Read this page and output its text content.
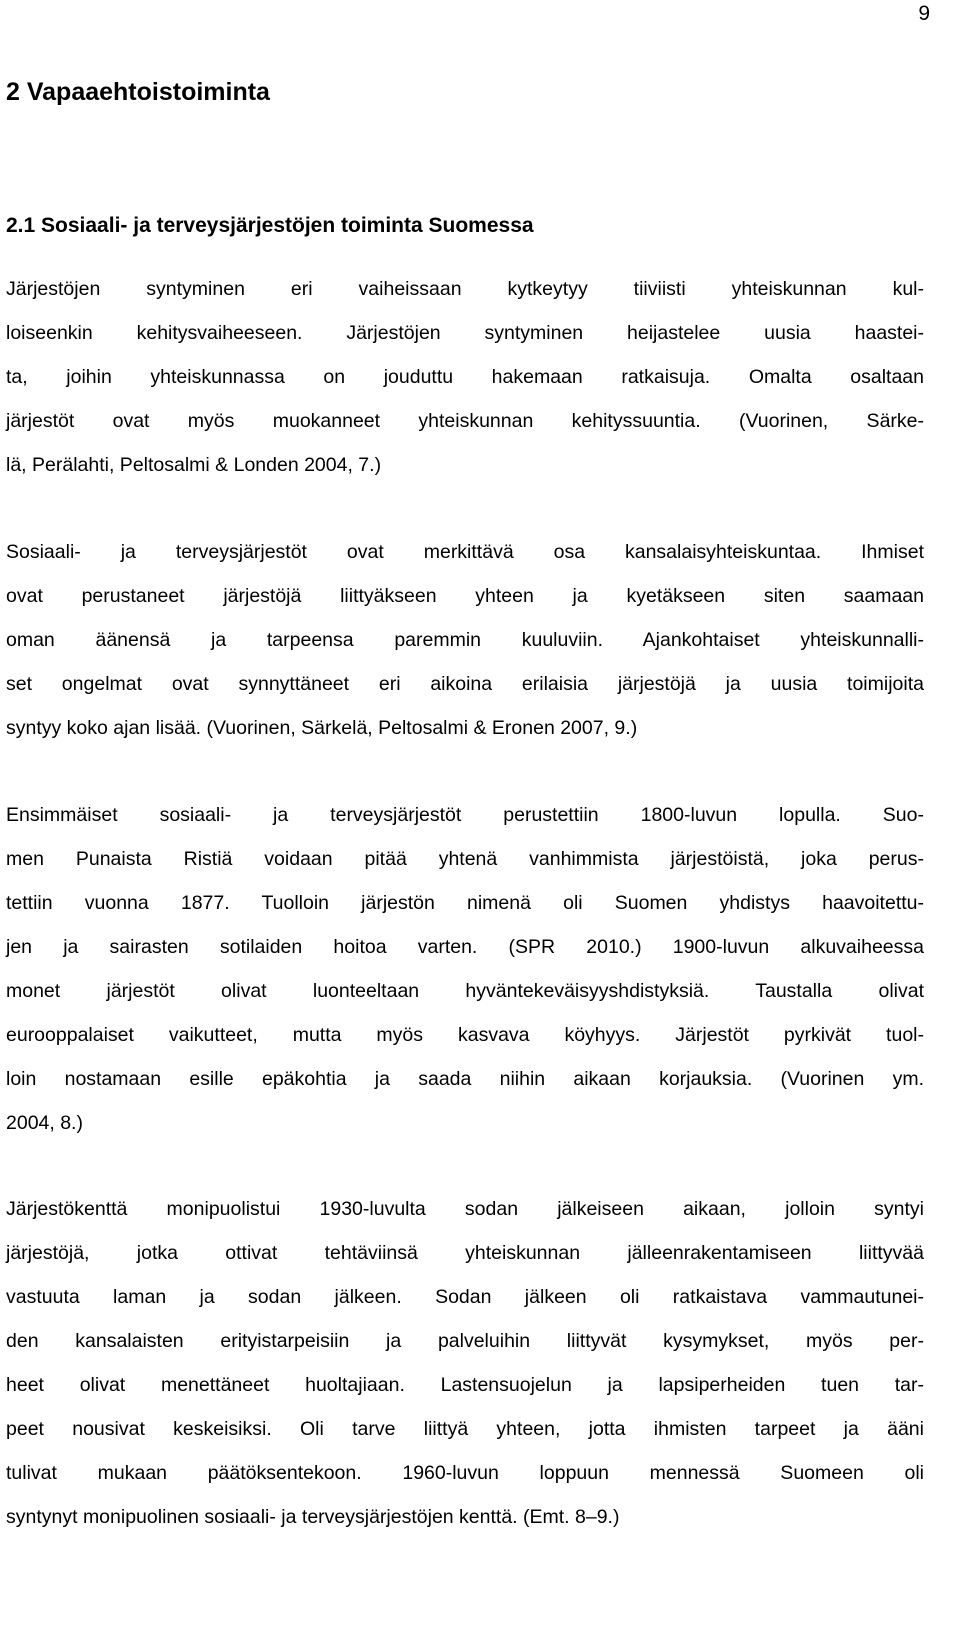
9
2 Vapaaehtoistoiminta
2.1 Sosiaali- ja terveysjärjestöjen toiminta Suomessa
Järjestöjen syntyminen eri vaiheissaan kytkeytyy tiiviisti yhteiskunnan kul-
loiseenkin kehitysvaiheeseen. Järjestöjen syntyminen heijastelee uusia haastei-
ta, joihin yhteiskunnassa on jouduttu hakemaan ratkaisuja. Omalta osaltaan
järjestöt ovat myös muokanneet yhteiskunnan kehityssuuntia. (Vuorinen, Särke-
lä, Perälahti, Peltosalmi & Londen 2004, 7.)
Sosiaali- ja terveysjärjestöt ovat merkittävä osa kansalaisyhteiskuntaa. Ihmiset
ovat perustaneet järjestöjä liittyäkseen yhteen ja kyetäkseen siten saamaan
oman äänensä ja tarpeensa paremmin kuuluviin. Ajankohtaiset yhteiskunnalli-
set ongelmat ovat synnyttäneet eri aikoina erilaisia järjestöjä ja uusia toimijoita
syntyy koko ajan lisää. (Vuorinen, Särkelä, Peltosalmi & Eronen 2007, 9.)
Ensimmäiset sosiaali- ja terveysjärjestöt perustettiin 1800-luvun lopulla. Suo-
men Punaista Ristiä voidaan pitää yhtenä vanhimmista järjestöistä, joka perus-
tettiin vuonna 1877. Tuolloin järjestön nimenä oli Suomen yhdistys haavoitettu-
jen ja sairasten sotilaiden hoitoa varten. (SPR 2010.) 1900-luvun alkuvaiheessa
monet järjestöt olivat luonteeltaan hyväntekeväisyyshdistyksiä. Taustalla olivat
eurooppalaiset vaikutteet, mutta myös kasvava köyhyys. Järjestöt pyrkivät tuol-
loin nostamaan esille epäkohtia ja saada niihin aikaan korjauksia. (Vuorinen ym.
2004, 8.)
Järjestökenttä monipuolistui 1930-luvulta sodan jälkeiseen aikaan, jolloin syntyi
järjestöjä, jotka ottivat tehtäviinsä yhteiskunnan jälleenrakentamiseen liittyvää
vastuuta laman ja sodan jälkeen. Sodan jälkeen oli ratkaistava vammautunei-
den kansalaisten erityistarpeisiin ja palveluihin liittyvät kysymykset, myös per-
heet olivat menettäneet huoltajiaan. Lastensuojelun ja lapsiperheiden tuen tar-
peet nousivat keskeisiksi. Oli tarve liittyä yhteen, jotta ihmisten tarpeet ja ääni
tulivat mukaan päätöksentekoon. 1960-luvun loppuun mennessä Suomeen oli
syntynyt monipuolinen sosiaali- ja terveysjärjestöjen kenttä. (Emt. 8–9.)
